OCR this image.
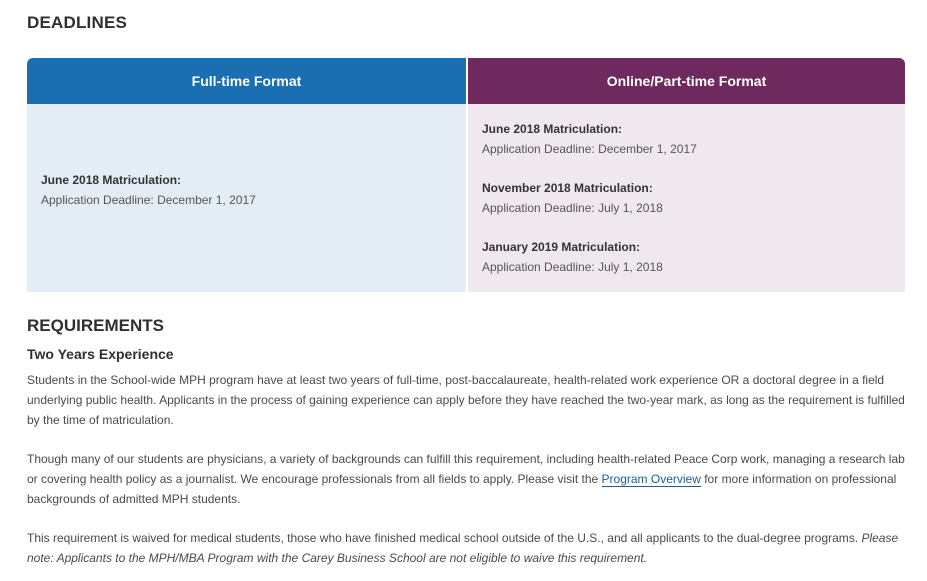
DEADLINES
Full-time Format
June 2018 Matriculation:
Application Deadline: December 1, 2017
Online/Part-time Format
June 2018 Matriculation:
Application Deadline: December 1, 2017
November 2018 Matriculation:
Application Deadline: July 1, 2018
January 2019 Matriculation:
Application Deadline: July 1, 2018
REQUIREMENTS
Two Years Experience

Students in the School-wide MPH program have at least two years of full-time, post-baccalaureate, health-related work experience OR a doctoral degree in a field underlying public health. Applicants in the process of gaining experience can apply before they have reached the two-year mark, as long as the requirement is fulfilled by the time of matriculation.

Though many of our students are physicians, a variety of backgrounds can fulfill this requirement, including health-related Peace Corp work, managing a research lab or covering health policy as a journalist. We encourage professionals from all fields to apply. Please visit the Program Overview for more information on professional backgrounds of admitted MPH students.

This requirement is waived for medical students, those who have finished medical school outside of the U.S., and all applicants to the dual-degree programs. Please note: Applicants to the MPH/MBA Program with the Carey Business School are not eligible to waive this requirement.
